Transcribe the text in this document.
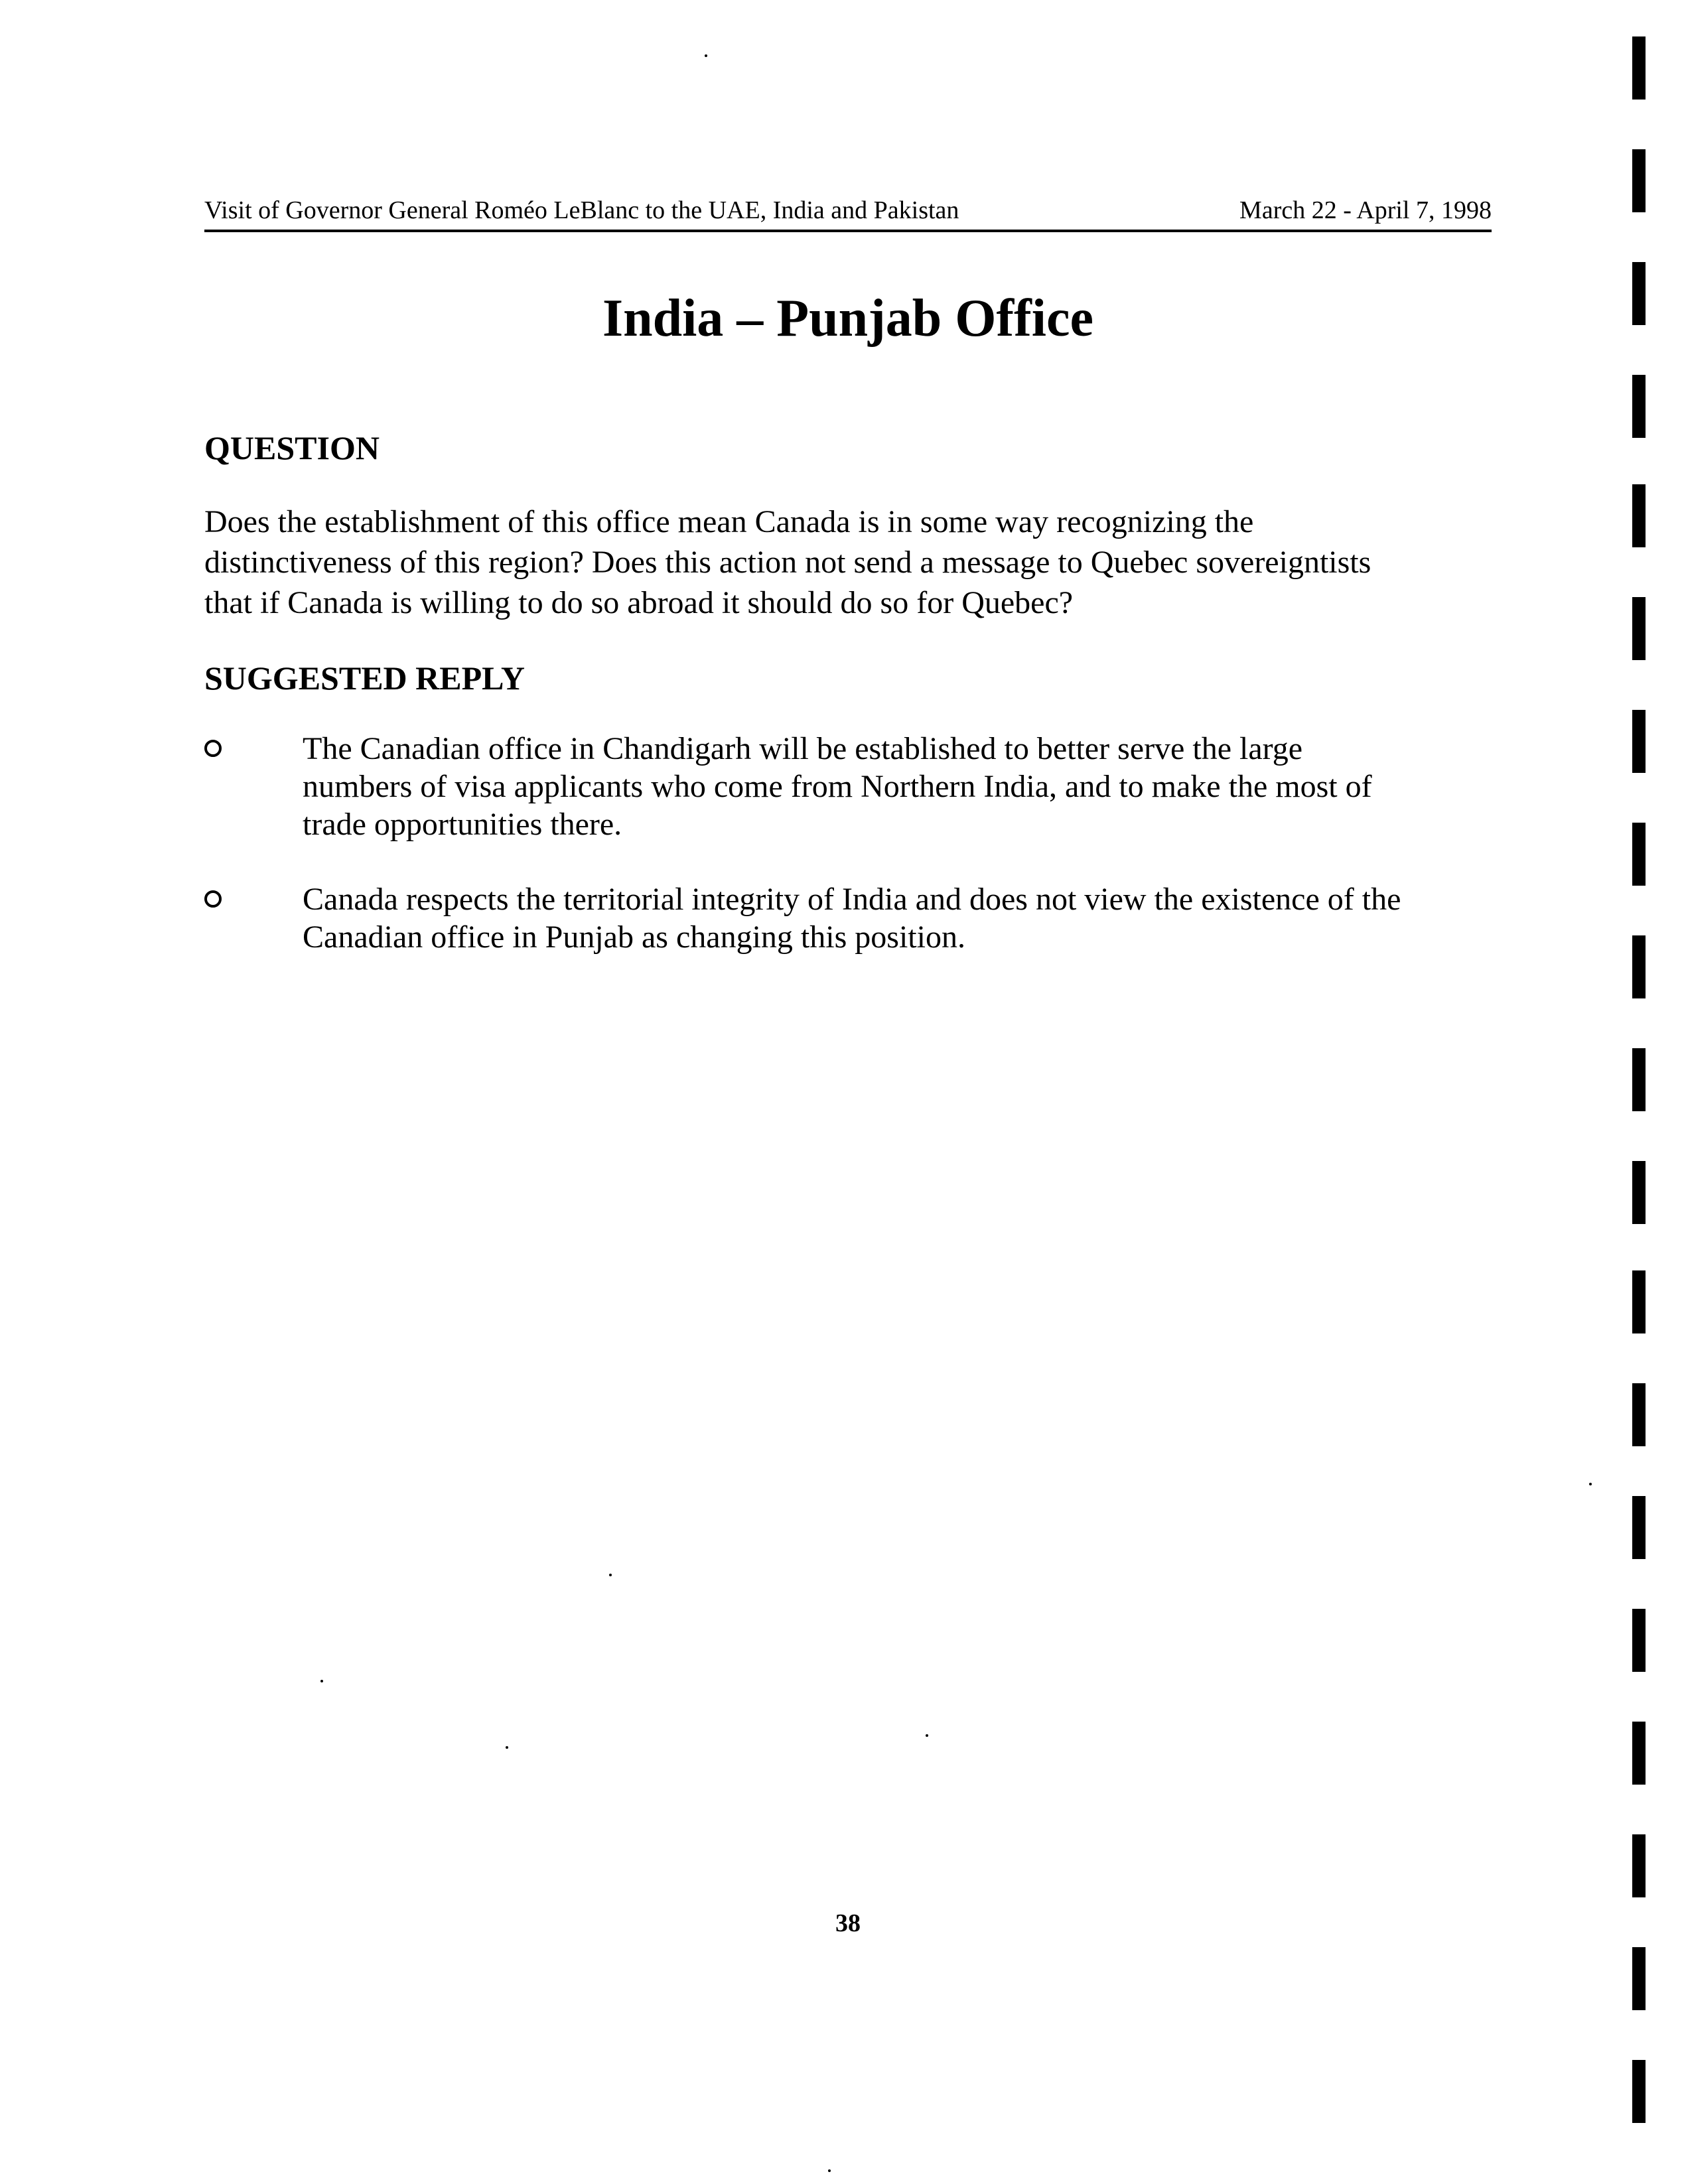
Visit of Governor General Roméo LeBlanc to the UAE, India and Pakistan	March 22 - April 7, 1998
India – Punjab Office
QUESTION

Does the establishment of this office mean Canada is in some way recognizing the
distinctiveness of this region? Does this action not send a message to Quebec sovereigntists
that if Canada is willing to do so abroad it should do so for Quebec?

SUGGESTED REPLY

The Canadian office in Chandigarh will be established to better serve the large
numbers of visa applicants who come from Northern India, and to make the most of
trade opportunities there.

Canada respects the territorial integrity of India and does not view the existence of the
Canadian office in Punjab as changing this position.

38
